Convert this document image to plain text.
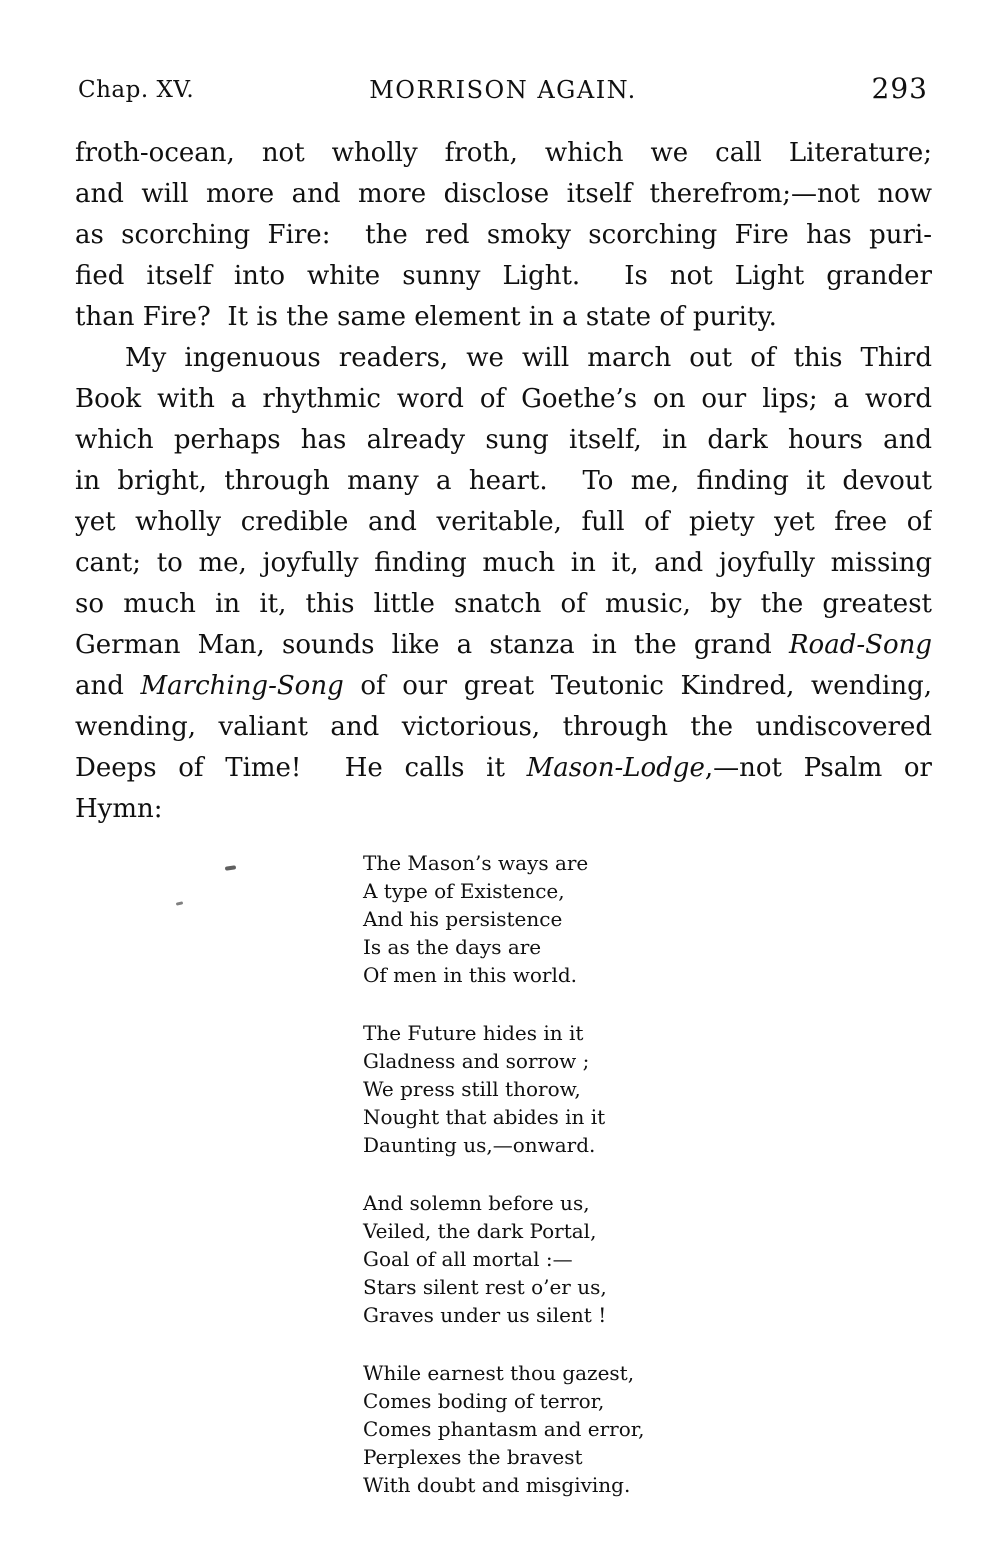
Chap. XV.	MORRISON AGAIN.	293
froth-ocean, not wholly froth, which we call Literature;
and will more and more disclose itself therefrom;—not now
as scorching Fire:  the red smoky scorching Fire has puri-
fied itself into white sunny Light.  Is not Light grander
than Fire?  It is the same element in a state of purity.
My ingenuous readers, we will march out of this Third
Book with a rhythmic word of Goethe’s on our lips; a word
which perhaps has already sung itself, in dark hours and
in bright, through many a heart.  To me, finding it devout
yet wholly credible and veritable, full of piety yet free of
cant; to me, joyfully finding much in it, and joyfully missing
so much in it, this little snatch of music, by the greatest
German Man, sounds like a stanza in the grand Road-Song
and Marching-Song of our great Teutonic Kindred, wending,
wending, valiant and victorious, through the undiscovered
Deeps of Time!  He calls it Mason-Lodge,—not Psalm or
Hymn:
The Mason’s ways are
A type of Existence,
And his persistence
Is as the days are
Of men in this world.
The Future hides in it
Gladness and sorrow ;
We press still thorow,
Nought that abides in it
Daunting us,—onward.
And solemn before us,
Veiled, the dark Portal,
Goal of all mortal :—
Stars silent rest o’er us,
Graves under us silent !
While earnest thou gazest,
Comes boding of terror,
Comes phantasm and error,
Perplexes the bravest
With doubt and misgiving.
